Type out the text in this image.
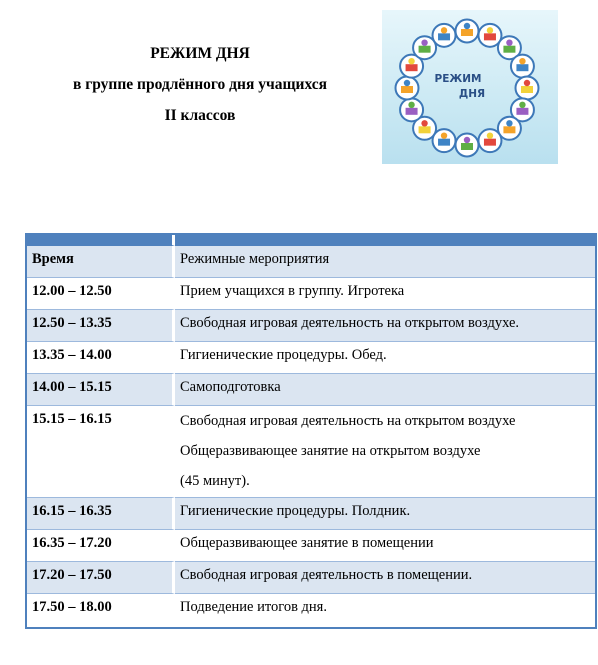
РЕЖИМ ДНЯ
в группе продлённого дня учащихся
II классов
РЕЖИМ
ДНЯ

Время	Режимные мероприятия
12.00 – 12.50	Прием учащихся в группу. Игротека
12.50 – 13.35	Свободная игровая деятельность на открытом воздухе.
13.35 – 14.00	Гигиенические процедуры. Обед.
14.00 – 15.15	Самоподготовка
15.15 – 16.15	Свободная игровая деятельность на открытом воздухе
Общеразвивающее занятие на открытом воздухе
(45 минут).

16.15 – 16.35	Гигиенические процедуры. Полдник.
16.35 – 17.20	Общеразвивающее занятие в помещении
17.20 – 17.50	Свободная игровая деятельность в помещении.
17.50 – 18.00	Подведение итогов дня.
